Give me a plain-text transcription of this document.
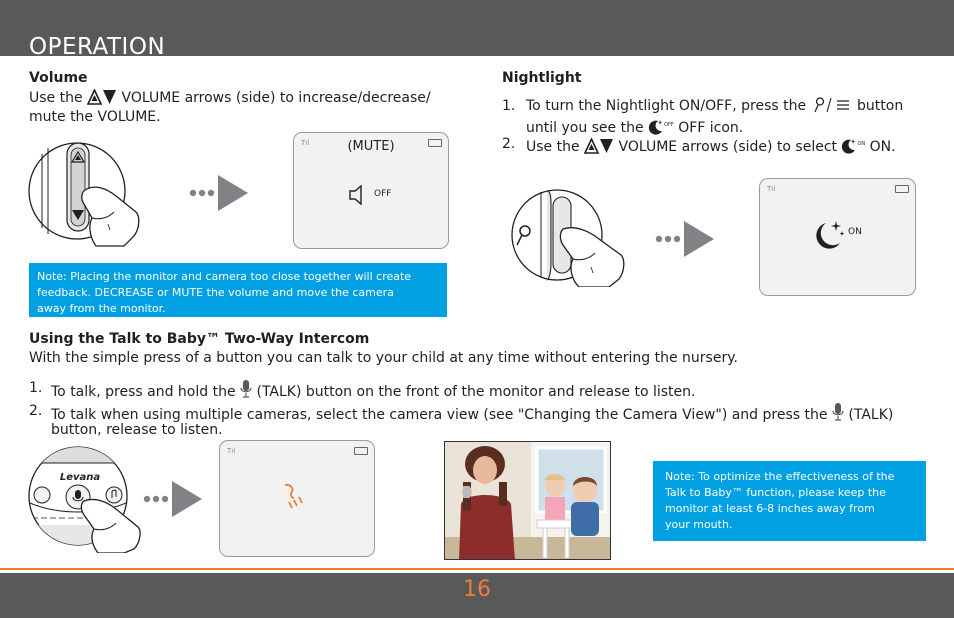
OPERATION
Volume
Use the	VOLUME arrows (side) to increase/decrease/
mute the VOLUME.
Tıl	(MUTE)
OFF
Note: Placing the monitor and camera too close together will create
feedback. DECREASE or MUTE the volume and move the camera
away from the monitor.
Nightlight
1. To turn the Nightlight ON/OFF, press the	button
until you see the	$^{OFF}$ OFF icon.
2. Use the	VOLUME arrows (side) to select	$^{ON}$ ON.
Tıl
ON
Using the Talk to Baby™ Two-Way Intercom
With the simple press of a button you can talk to your child at any time without entering the nursery.
1. To talk, press and hold the (TALK) button on the front of the monitor and release to listen.
2. To talk when using multiple cameras, select the camera view (see "Changing the Camera View") and press the (TALK)
button, release to listen.
Levana
Tıl
Note: To optimize the effectiveness of the
Talk to Baby™ function, please keep the
monitor at least 6-8 inches away from
your mouth.
16
